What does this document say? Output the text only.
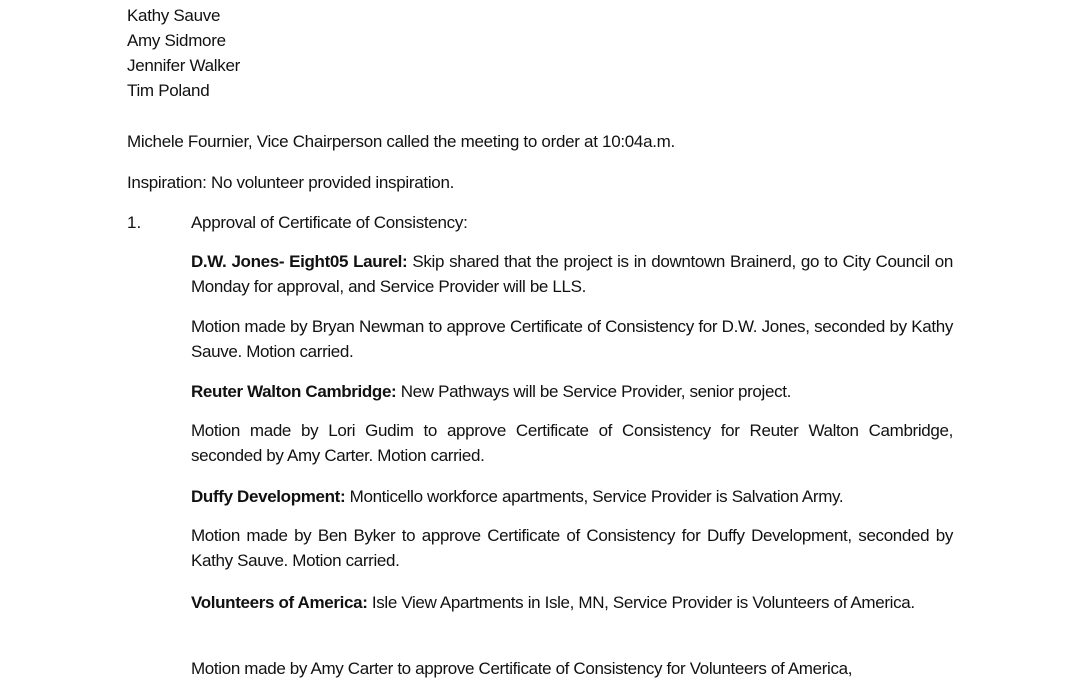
Kathy Sauve
Amy Sidmore
Jennifer Walker
Tim Poland
Michele Fournier, Vice Chairperson called the meeting to order at 10:04a.m.
Inspiration: No volunteer provided inspiration.
1.	Approval of Certificate of Consistency:
D.W. Jones- Eight05 Laurel: Skip shared that the project is in downtown Brainerd, go to City Council on Monday for approval, and Service Provider will be LLS.
Motion made by Bryan Newman to approve Certificate of Consistency for D.W. Jones, seconded by Kathy Sauve. Motion carried.
Reuter Walton Cambridge: New Pathways will be Service Provider, senior project.
Motion made by Lori Gudim to approve Certificate of Consistency for Reuter Walton Cambridge, seconded by Amy Carter. Motion carried.
Duffy Development: Monticello workforce apartments, Service Provider is Salvation Army.
Motion made by Ben Byker to approve Certificate of Consistency for Duffy Development, seconded by Kathy Sauve. Motion carried.
Volunteers of America: Isle View Apartments in Isle, MN, Service Provider is Volunteers of America.
Motion made by Amy Carter to approve Certificate of Consistency for Volunteers of America,
